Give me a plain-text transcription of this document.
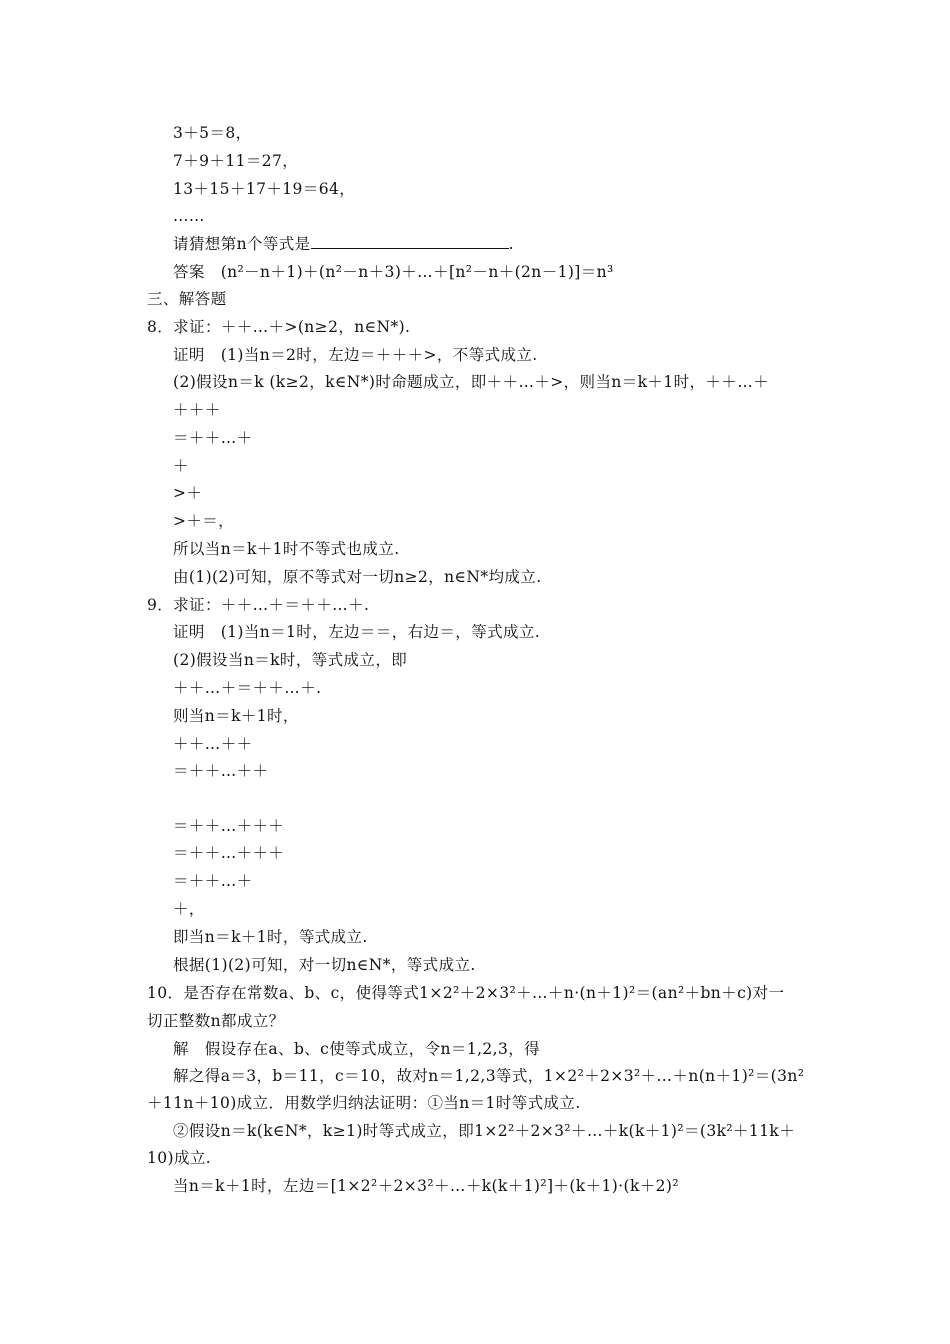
3＋5＝8，
7＋9＋11＝27，
13＋15＋17＋19＝64，
……
请猜想第n个等式是	.
答案　(n²－n＋1)＋(n²－n＋3)＋…＋[n²－n＋(2n－1)]＝n³
三、解答题
8．求证：＋＋…＋>(n≥2，n∈N*).
证明　(1)当n＝2时，左边＝＋＋＋>，不等式成立.
(2)假设n＝k (k≥2，k∈N*)时命题成立，即＋＋…＋>，则当n＝k＋1时，＋＋…＋
＋＋＋
＝＋＋…＋
＋
>＋
>＋＝，
所以当n＝k＋1时不等式也成立.
由(1)(2)可知，原不等式对一切n≥2，n∈N*均成立.
9．求证：＋＋…＋＝＋＋…＋.
证明　(1)当n＝1时，左边＝＝，右边＝，等式成立.
(2)假设当n＝k时，等式成立，即
＋＋…＋＝＋＋…＋.
则当n＝k＋1时，
＋＋…＋＋
＝＋＋…＋＋
＝＋＋…＋＋＋
＝＋＋…＋＋＋
＝＋＋…＋
＋，
即当n＝k＋1时，等式成立.
根据(1)(2)可知，对一切n∈N*，等式成立.
10．是否存在常数a、b、c，使得等式1×2²＋2×3²＋…＋n·(n＋1)²＝(an²＋bn＋c)对一
切正整数n都成立？
解　假设存在a、b、c使等式成立，令n＝1,2,3，得
解之得a＝3，b＝11，c＝10，故对n＝1,2,3等式，1×2²＋2×3²＋…＋n(n＋1)²＝(3n²
＋11n＋10)成立．用数学归纳法证明：①当n＝1时等式成立.
②假设n＝k(k∈N*，k≥1)时等式成立，即1×2²＋2×3²＋…＋k(k＋1)²＝(3k²＋11k＋
10)成立.
当n＝k＋1时，左边＝[1×2²＋2×3²＋…＋k(k＋1)²]＋(k＋1)·(k＋2)²
